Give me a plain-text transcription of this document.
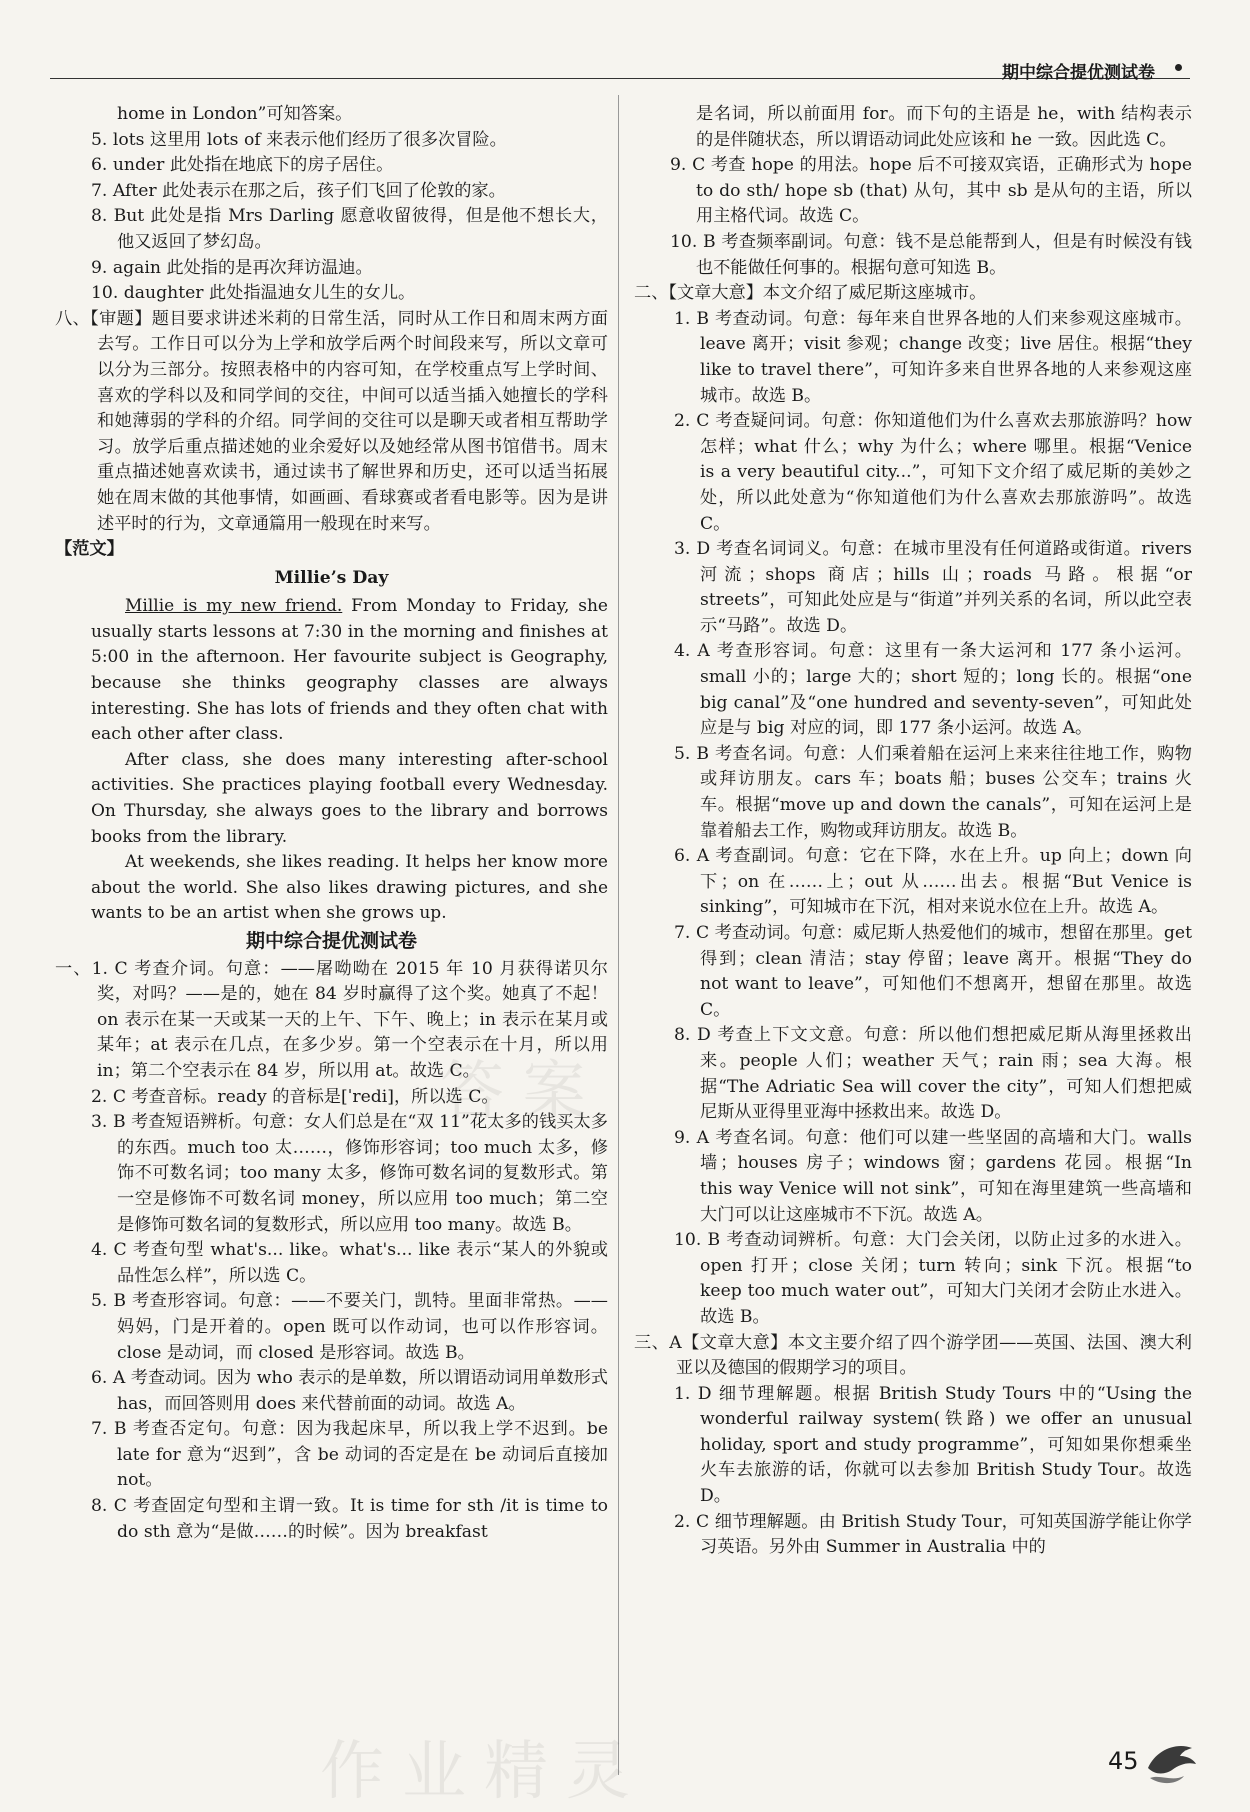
期中综合提优测试卷

home in London”可知答案。

5. lots 这里用 lots of 来表示他们经历了很多次冒险。

6. under 此处指在地底下的房子居住。

7. After 此处表示在那之后，孩子们飞回了伦敦的家。

8. But 此处是指 Mrs Darling 愿意收留彼得，但是他不想长大，他又返回了梦幻岛。

9. again 此处指的是再次拜访温迪。

10. daughter 此处指温迪女儿生的女儿。

八、【审题】题目要求讲述米莉的日常生活，同时从工作日和周末两方面去写。工作日可以分为上学和放学后两个时间段来写，所以文章可以分为三部分。按照表格中的内容可知，在学校重点写上学时间、喜欢的学科以及和同学间的交往，中间可以适当插入她擅长的学科和她薄弱的学科的介绍。同学间的交往可以是聊天或者相互帮助学习。放学后重点描述她的业余爱好以及她经常从图书馆借书。周末重点描述她喜欢读书，通过读书了解世界和历史，还可以适当拓展她在周末做的其他事情，如画画、看球赛或者看电影等。因为是讲述平时的行为，文章通篇用一般现在时来写。

【范文】
Millie’s Day

Millie is my new friend. From Monday to Friday, she usually starts lessons at 7:30 in the morning and finishes at 5:00 in the afternoon. Her favourite subject is Geography, because she thinks geography classes are always interesting. She has lots of friends and they often chat with each other after class.

After class, she does many interesting after-school activities. She practices playing football every Wednesday. On Thursday, she always goes to the library and borrows books from the library.

At weekends, she likes reading. It helps her know more about the world. She also likes drawing pictures, and she wants to be an artist when she grows up.

期中综合提优测试卷

一、1. C 考查介词。句意：——屠呦呦在 2015 年 10 月获得诺贝尔奖，对吗？——是的，她在 84 岁时赢得了这个奖。她真了不起！on 表示在某一天或某一天的上午、下午、晚上；in 表示在某月或某年；at 表示在几点，在多少岁。第一个空表示在十月，所以用 in；第二个空表示在 84 岁，所以用 at。故选 C。

2. C 考查音标。ready 的音标是[ˈredi]，所以选 C。

3. B 考查短语辨析。句意：女人们总是在“双 11”花太多的钱买太多的东西。much too 太……，修饰形容词；too much 太多，修饰不可数名词；too many 太多，修饰可数名词的复数形式。第一空是修饰不可数名词 money，所以应用 too much；第二空是修饰可数名词的复数形式，所以应用 too many。故选 B。

4. C 考查句型 what's... like。what's... like 表示“某人的外貌或品性怎么样”，所以选 C。

5. B 考查形容词。句意：——不要关门，凯特。里面非常热。——妈妈，门是开着的。open 既可以作动词，也可以作形容词。close 是动词，而 closed 是形容词。故选 B。

6. A 考查动词。因为 who 表示的是单数，所以谓语动词用单数形式 has，而回答则用 does 来代替前面的动词。故选 A。

7. B 考查否定句。句意：因为我起床早，所以我上学不迟到。be late for 意为“迟到”，含 be 动词的否定是在 be 动词后直接加 not。

8. C 考查固定句型和主谓一致。It is time for sth /it is time to do sth 意为“是做……的时候”。因为 breakfast

是名词，所以前面用 for。而下句的主语是 he，with 结构表示的是伴随状态，所以谓语动词此处应该和 he 一致。因此选 C。

9. C 考查 hope 的用法。hope 后不可接双宾语，正确形式为 hope to do sth/ hope sb (that) 从句，其中 sb 是从句的主语，所以用主格代词。故选 C。

10. B 考查频率副词。句意：钱不是总能帮到人，但是有时候没有钱也不能做任何事的。根据句意可知选 B。

二、【文章大意】本文介绍了威尼斯这座城市。

1. B 考查动词。句意：每年来自世界各地的人们来参观这座城市。leave 离开；visit 参观；change 改变；live 居住。根据“they like to travel there”，可知许多来自世界各地的人来参观这座城市。故选 B。

2. C 考查疑问词。句意：你知道他们为什么喜欢去那旅游吗？how 怎样；what 什么；why 为什么；where 哪里。根据“Venice is a very beautiful city...”，可知下文介绍了威尼斯的美妙之处，所以此处意为“你知道他们为什么喜欢去那旅游吗”。故选 C。

3. D 考查名词词义。句意：在城市里没有任何道路或街道。rivers 河流；shops 商店；hills 山；roads 马路。根据“or streets”，可知此处应是与“街道”并列关系的名词，所以此空表示“马路”。故选 D。

4. A 考查形容词。句意：这里有一条大运河和 177 条小运河。small 小的；large 大的；short 短的；long 长的。根据“one big canal”及“one hundred and seventy-seven”，可知此处应是与 big 对应的词，即 177 条小运河。故选 A。

5. B 考查名词。句意：人们乘着船在运河上来来往往地工作，购物或拜访朋友。cars 车；boats 船；buses 公交车；trains 火车。根据“move up and down the canals”，可知在运河上是靠着船去工作，购物或拜访朋友。故选 B。

6. A 考查副词。句意：它在下降，水在上升。up 向上；down 向下；on 在……上；out 从……出去。根据“But Venice is sinking”，可知城市在下沉，相对来说水位在上升。故选 A。

7. C 考查动词。句意：威尼斯人热爱他们的城市，想留在那里。get 得到；clean 清洁；stay 停留；leave 离开。根据“They do not want to leave”，可知他们不想离开，想留在那里。故选 C。

8. D 考查上下文文意。句意：所以他们想把威尼斯从海里拯救出来。people 人们；weather 天气；rain 雨；sea 大海。根据“The Adriatic Sea will cover the city”，可知人们想把威尼斯从亚得里亚海中拯救出来。故选 D。

9. A 考查名词。句意：他们可以建一些坚固的高墙和大门。walls 墙；houses 房子；windows 窗；gardens 花园。根据“In this way Venice will not sink”，可知在海里建筑一些高墙和大门可以让这座城市不下沉。故选 A。

10. B 考查动词辨析。句意：大门会关闭，以防止过多的水进入。open 打开；close 关闭；turn 转向；sink 下沉。根据“to keep too much water out”，可知大门关闭才会防止水进入。故选 B。

三、A【文章大意】本文主要介绍了四个游学团——英国、法国、澳大利亚以及德国的假期学习的项目。

1. D 细节理解题。根据 British Study Tours 中的“Using the wonderful railway system(铁路) we offer an unusual holiday, sport and study programme”，可知如果你想乘坐火车去旅游的话，你就可以去参加 British Study Tour。故选 D。

2. C 细节理解题。由 British Study Tour，可知英国游学能让你学习英语。另外由 Summer in Australia 中的

答案
作业精灵	45
